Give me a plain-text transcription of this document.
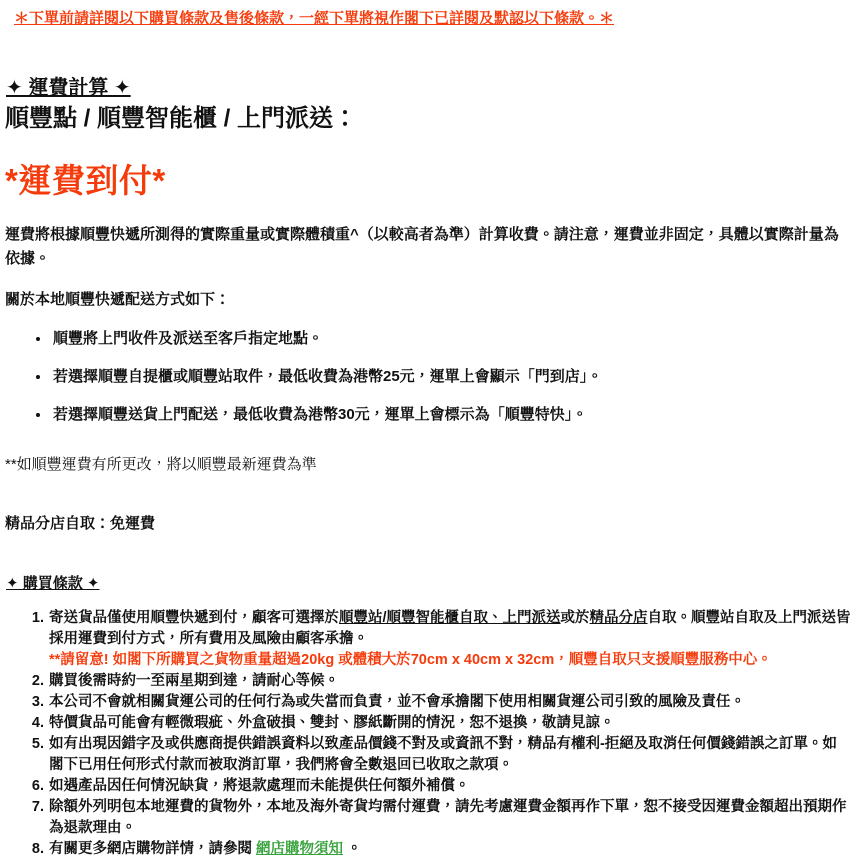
＊下單前請詳閱以下購買條款及售後條款，一經下單將視作閣下已詳閱及默認以下條款。＊
✦ 運費計算 ✦
順豐點 / 順豐智能櫃 / 上門派送：
*運費到付*

運費將根據順豐快遞所測得的實際重量或實際體積重^（以較高者為準）計算收費。請注意，運費並非固定，具體以實際計量為依據。

關於本地順豐快遞配送方式如下：

• 順豐將上門收件及派送至客戶指定地點。
• 若選擇順豐自提櫃或順豐站取件，最低收費為港幣25元，運單上會顯示「門到店」。
• 若選擇順豐送貨上門配送，最低收費為港幣30元，運單上會標示為「順豐特快」。

**如順豐運費有所更改，將以順豐最新運費為準

精品分店自取：免運費

✦ 購買條款 ✦
1. 寄送貨品僅使用順豐快遞到付，顧客可選擇於順豐站/順豐智能櫃自取、上門派送或於精品分店自取。順豐站自取及上門派送皆採用運費到付方式，所有費用及風險由顧客承擔。
**請留意! 如閣下所購買之貨物重量超過20kg 或體積大於70cm x 40cm x 32cm，順豐自取只支援順豐服務中心。
2. 購買後需時約一至兩星期到達，請耐心等候。
3. 本公司不會就相關貨運公司的任何行為或失當而負責，並不會承擔閣下使用相關貨運公司引致的風險及責任。
4. 特價貨品可能會有輕微瑕疵、外盒破損、雙封、膠紙斷開的情況，恕不退換，敬請見諒。
5. 如有出現因錯字及或供應商提供錯誤資料以致產品價錢不對及或資訊不對，精品有權利-拒絕及取消任何價錢錯誤之訂單。如閣下已用任何形式付款而被取消訂單，我們將會全數退回已收取之款項。
6. 如遇產品因任何情況缺貨，將退款處理而未能提供任何額外補償。
7. 除額外列明包本地運費的貨物外，本地及海外寄貨均需付運費，請先考慮運費金額再作下單，恕不接受因運費金額超出預期作為退款理由。
8. 有關更多網店購物詳情，請參閱 網店購物須知 。
